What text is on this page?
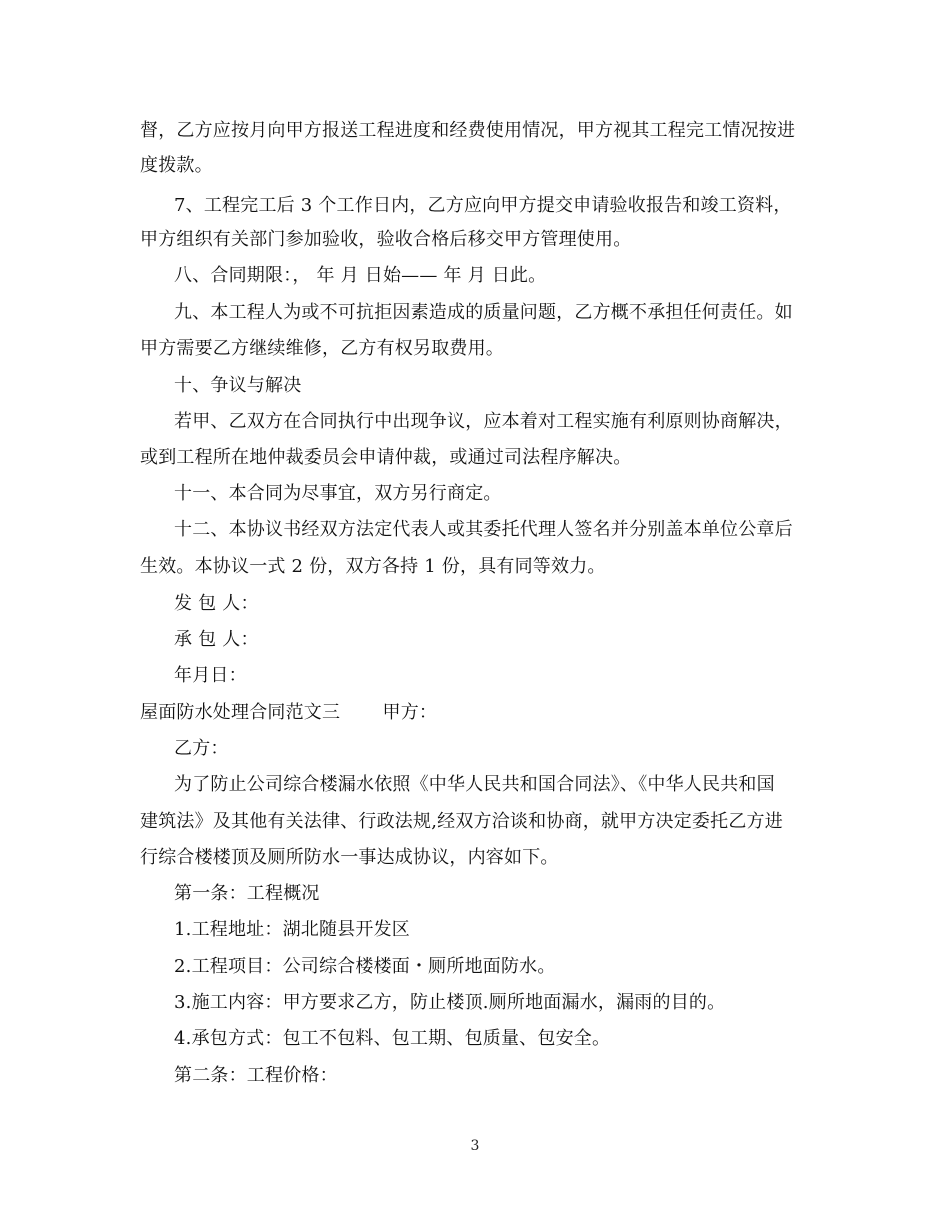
督，乙方应按月向甲方报送工程进度和经费使用情况，甲方视其工程完工情况按进
度拨款。
7、工程完工后 3 个工作日内，乙方应向甲方提交申请验收报告和竣工资料，
甲方组织有关部门参加验收，验收合格后移交甲方管理使用。
八、合同期限：， 年 月 日始—— 年 月 日此。
九、本工程人为或不可抗拒因素造成的质量问题，乙方概不承担任何责任。如
甲方需要乙方继续维修，乙方有权另取费用。
十、争议与解决
若甲、乙双方在合同执行中出现争议，应本着对工程实施有利原则协商解决，
或到工程所在地仲裁委员会申请仲裁，或通过司法程序解决。
十一、本合同为尽事宜，双方另行商定。
十二、本协议书经双方法定代表人或其委托代理人签名并分别盖本单位公章后
生效。本协议一式 2 份，双方各持 1 份，具有同等效力。
发 包 人：
承 包 人：
年月日：
屋面防水处理合同范文三　　 甲方：
乙方：
为了防止公司综合楼漏水依照《中华人民共和国合同法》、《中华人民共和国
建筑法》及其他有关法律、行政法规,经双方洽谈和协商，就甲方决定委托乙方进
行综合楼楼顶及厕所防水一事达成协议，内容如下。
第一条：工程概况
1.工程地址：湖北随县开发区
2.工程项目：公司综合楼楼面・厕所地面防水。
3.施工内容：甲方要求乙方，防止楼顶.厕所地面漏水，漏雨的目的。
4.承包方式：包工不包料、包工期、包质量、包安全。
第二条：工程价格：
3
